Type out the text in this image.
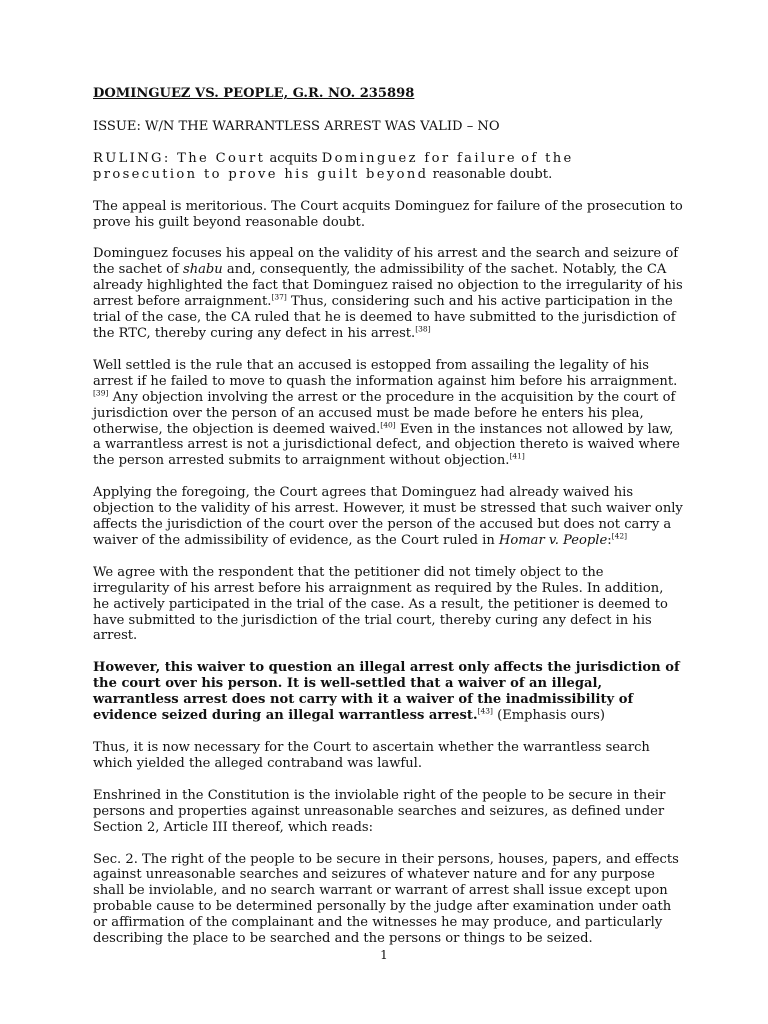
DOMINGUEZ VS. PEOPLE, G.R. NO. 235898

ISSUE: W/N THE WARRANTLESS ARREST WAS VALID – NO

RULING: The Court acquits Dominguez for failure of the prosecution to prove his guilt beyond reasonable doubt.

The appeal is meritorious. The Court acquits Dominguez for failure of the prosecution to prove his guilt beyond reasonable doubt.

Dominguez focuses his appeal on the validity of his arrest and the search and seizure of the sachet of shabu and, consequently, the admissibility of the sachet. Notably, the CA already highlighted the fact that Dominguez raised no objection to the irregularity of his arrest before arraignment.[37] Thus, considering such and his active participation in the trial of the case, the CA ruled that he is deemed to have submitted to the jurisdiction of the RTC, thereby curing any defect in his arrest.[38]

Well settled is the rule that an accused is estopped from assailing the legality of his arrest if he failed to move to quash the information against him before his arraignment.[39] Any objection involving the arrest or the procedure in the acquisition by the court of jurisdiction over the person of an accused must be made before he enters his plea, otherwise, the objection is deemed waived.[40] Even in the instances not allowed by law, a warrantless arrest is not a jurisdictional defect, and objection thereto is waived where the person arrested submits to arraignment without objection.[41]

Applying the foregoing, the Court agrees that Dominguez had already waived his objection to the validity of his arrest. However, it must be stressed that such waiver only affects the jurisdiction of the court over the person of the accused but does not carry a waiver of the admissibility of evidence, as the Court ruled in Homar v. People:[42]

We agree with the respondent that the petitioner did not timely object to the irregularity of his arrest before his arraignment as required by the Rules. In addition, he actively participated in the trial of the case. As a result, the petitioner is deemed to have submitted to the jurisdiction of the trial court, thereby curing any defect in his arrest.

However, this waiver to question an illegal arrest only affects the jurisdiction of the court over his person. It is well-settled that a waiver of an illegal, warrantless arrest does not carry with it a waiver of the inadmissibility of evidence seized during an illegal warrantless arrest.[43] (Emphasis ours)

Thus, it is now necessary for the Court to ascertain whether the warrantless search which yielded the alleged contraband was lawful.

Enshrined in the Constitution is the inviolable right of the people to be secure in their persons and properties against unreasonable searches and seizures, as defined under Section 2, Article III thereof, which reads:

Sec. 2. The right of the people to be secure in their persons, houses, papers, and effects against unreasonable searches and seizures of whatever nature and for any purpose shall be inviolable, and no search warrant or warrant of arrest shall issue except upon probable cause to be determined personally by the judge after examination under oath or affirmation of the complainant and the witnesses he may produce, and particularly describing the place to be searched and the persons or things to be seized.

1
